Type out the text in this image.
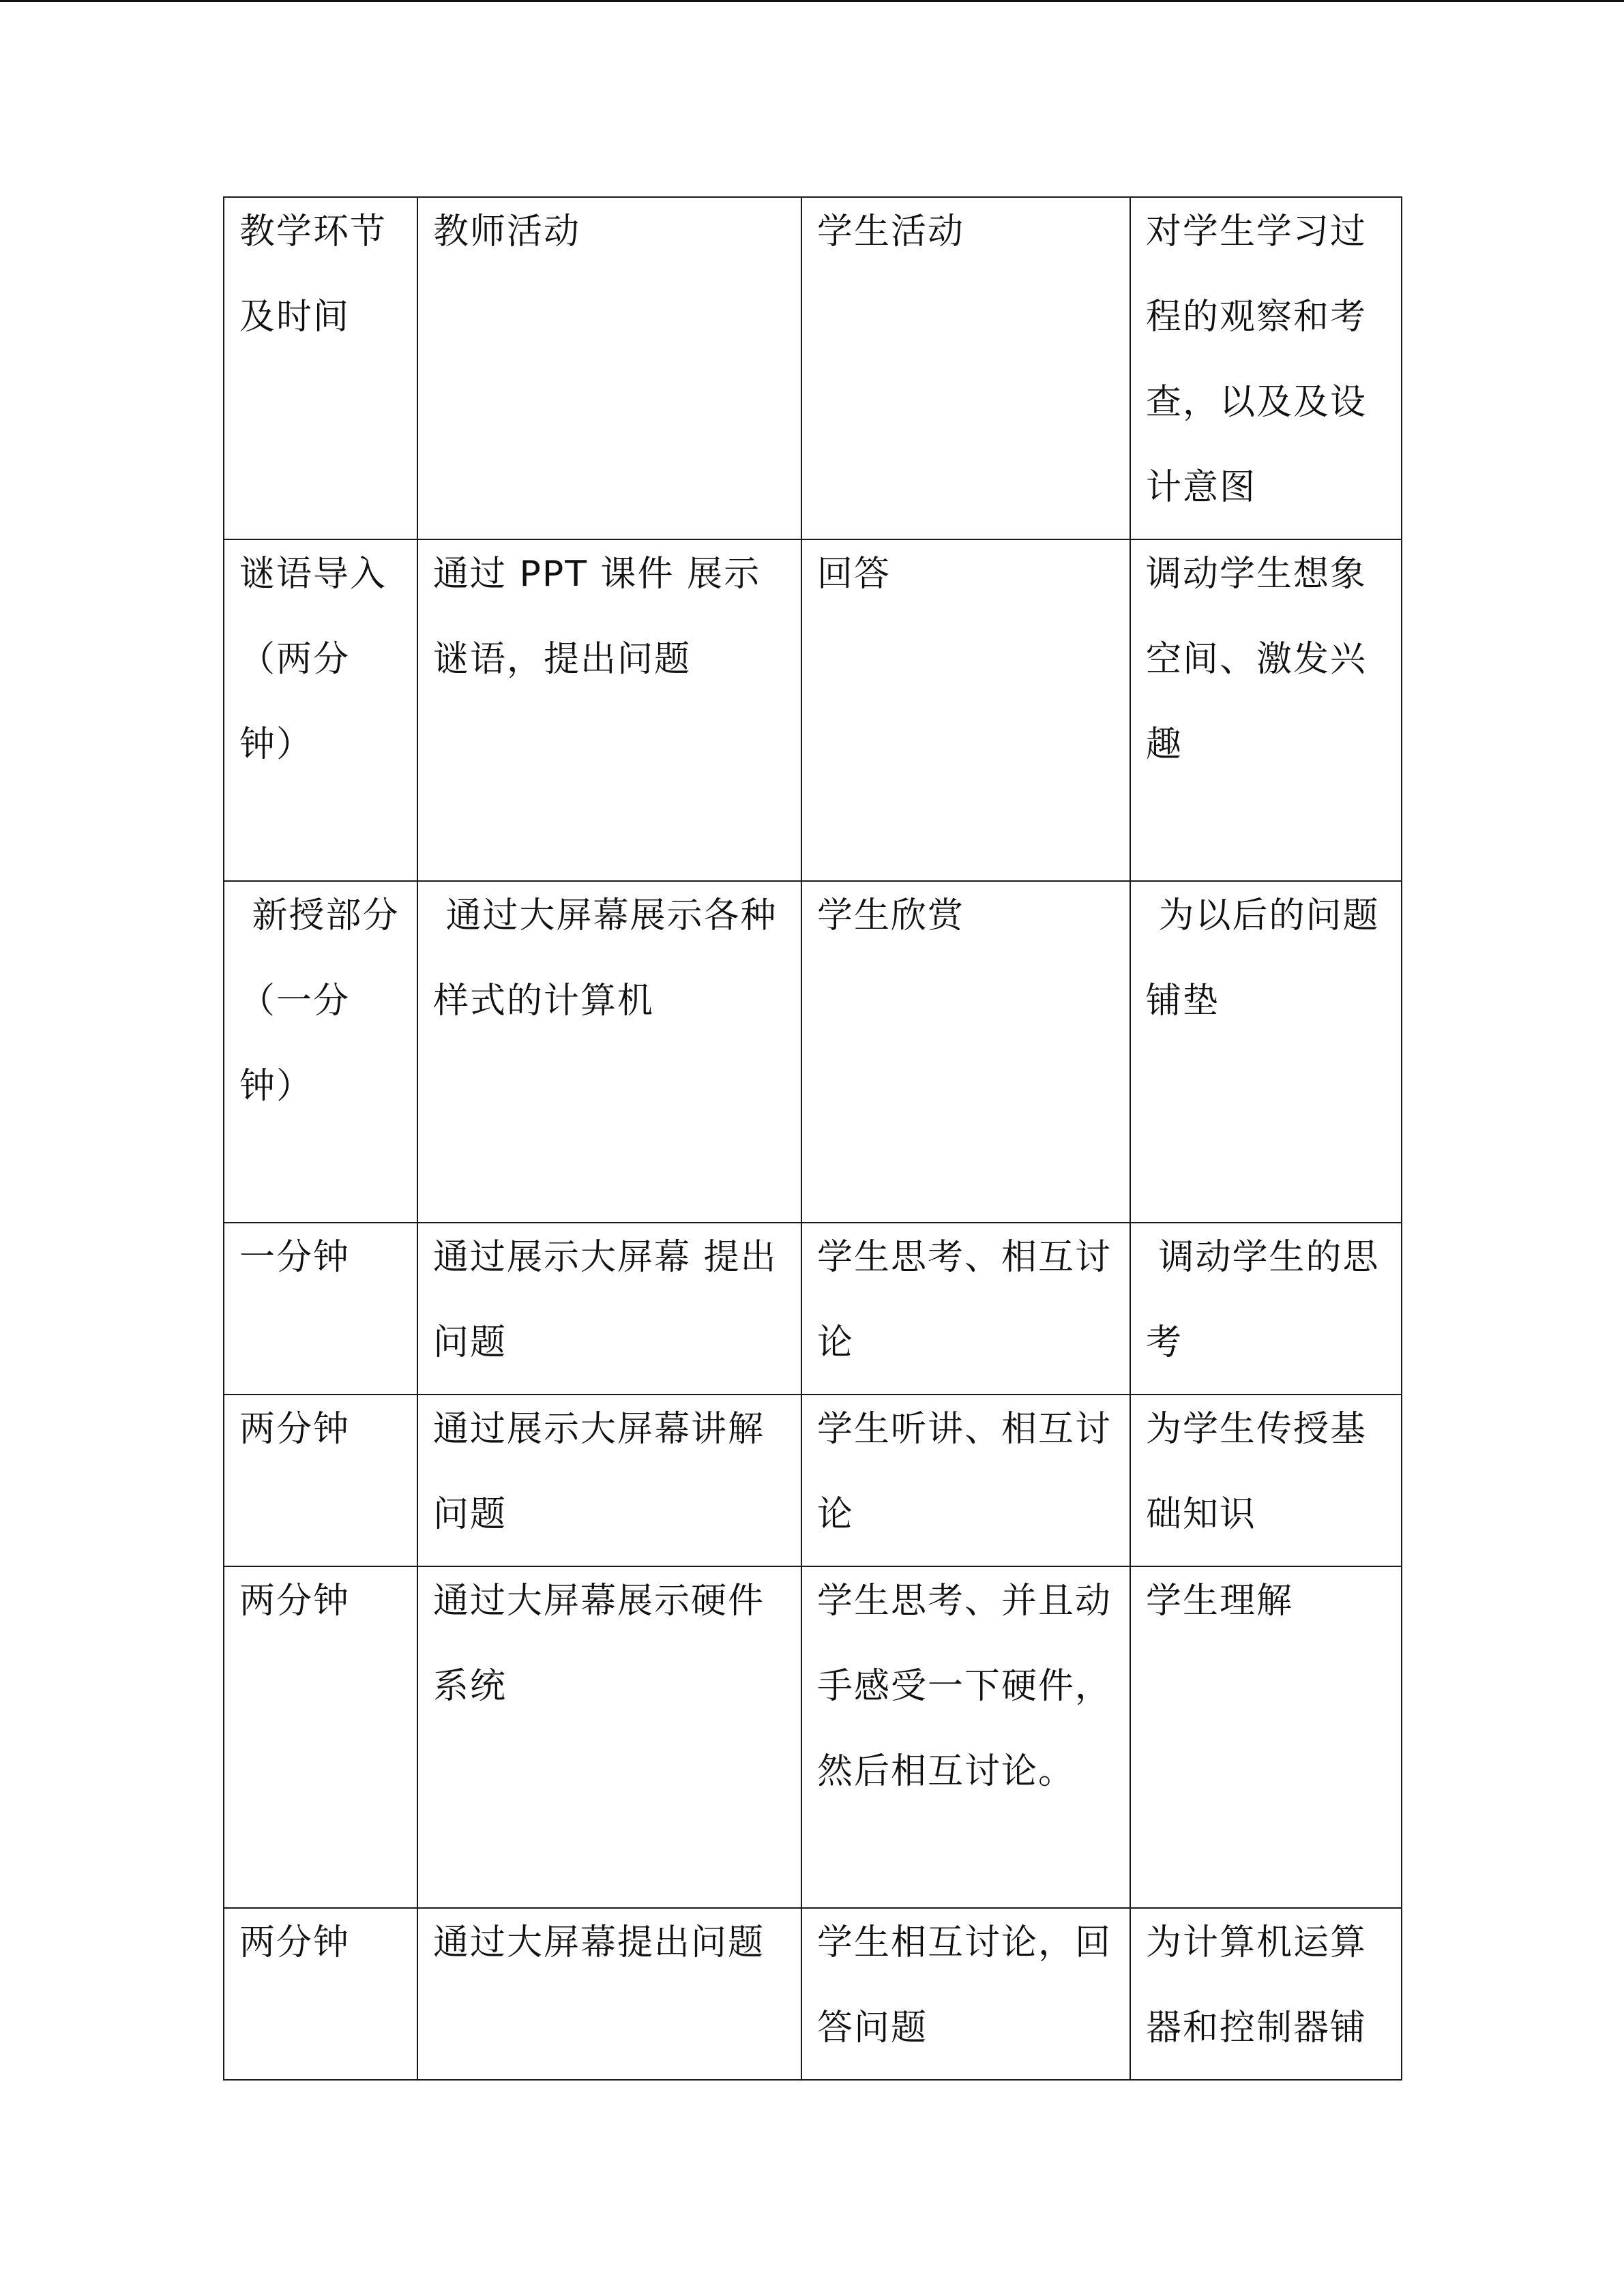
教学环节及时间	教师活动	学生活动	对学生学习过程的观察和考查，以及及设计意图

谜语导入（两分钟）	通过 PPT 课件 展示谜语，提出问题	回答	调动学生想象空间、激发兴趣

新授部分（一分钟）	通过大屏幕展示各种样式的计算机	学生欣赏	为以后的问题铺垫

一分钟	通过展示大屏幕 提出问题	学生思考、相互讨论	调动学生的思考

两分钟	通过展示大屏幕讲解问题	学生听讲、相互讨论	为学生传授基础知识

两分钟	通过大屏幕展示硬件系统	学生思考、并且动手感受一下硬件，然后相互讨论。	学生理解

两分钟	通过大屏幕提出问题	学生相互讨论，回答问题	为计算机运算器和控制器铺
